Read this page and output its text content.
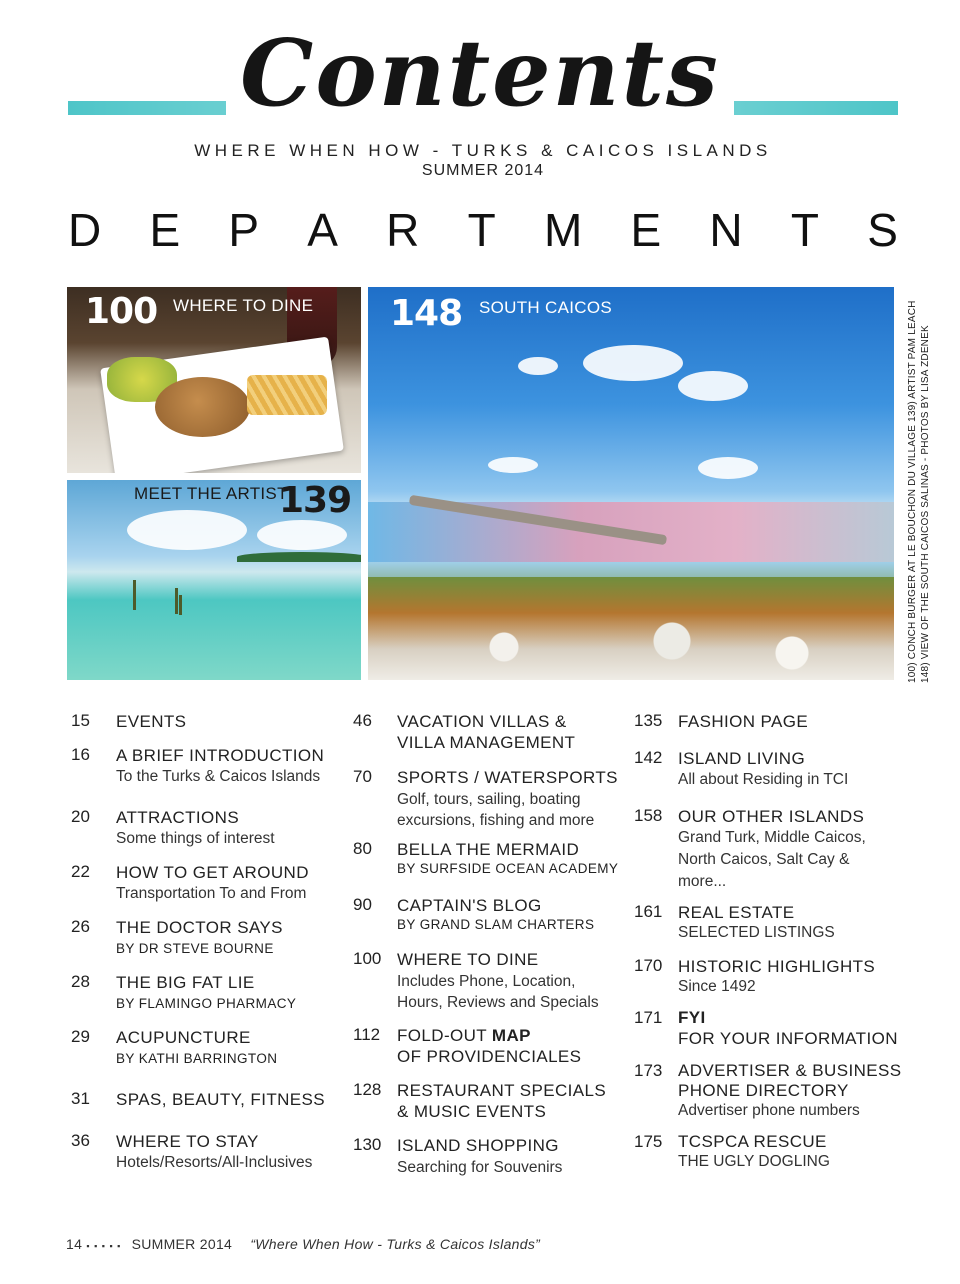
Contents
WHERE WHEN HOW - TURKS & CAICOS ISLANDS
SUMMER 2014
D E P A R T M E N T S
100 WHERE TO DINE
MEET THE ARTIST
139
148 SOUTH CAICOS	100) CONCH BURGER AT LE BOUCHON DU VILLAGE 139) ARTIST PAM LEACH 148) VIEW OF THE SOUTH CAICOS SALINAS - PHOTOS BY LISA ZDENEK
15 EVENTS
16 A BRIEF INTRODUCTION
To the Turks & Caicos Islands
20 ATTRACTIONS
Some things of interest
22 HOW TO GET AROUND
Transportation To and From
26 THE DOCTOR SAYS
BY DR STEVE BOURNE
28 THE BIG FAT LIE
BY FLAMINGO PHARMACY
29 ACUPUNCTURE
BY KATHI BARRINGTON
31 SPAS, BEAUTY, FITNESS
36 WHERE TO STAY
Hotels/Resorts/All-Inclusives
46 VACATION VILLAS &
VILLA MANAGEMENT
70 SPORTS / WATERSPORTS
Golf, tours, sailing, boating
excursions, fishing and more
80 BELLA THE MERMAID
BY SURFSIDE OCEAN ACADEMY
90 CAPTAIN'S BLOG
BY GRAND SLAM CHARTERS
100 WHERE TO DINE
Includes Phone, Location,
Hours, Reviews and Specials
112 FOLD-OUT MAP
OF PROVIDENCIALES
128 RESTAURANT SPECIALS
& MUSIC EVENTS
130 ISLAND SHOPPING
Searching for Souvenirs
135 FASHION PAGE
142 ISLAND LIVING
All about Residing in TCI
158 OUR OTHER ISLANDS
Grand Turk, Middle Caicos,
North Caicos, Salt Cay &
more...
161 REAL ESTATE
SELECTED LISTINGS
170 HISTORIC HIGHLIGHTS
Since 1492
171 FYI
FOR YOUR INFORMATION
173 ADVERTISER & BUSINESS
PHONE DIRECTORY
Advertiser phone numbers
175 TCSPCA RESCUE
THE UGLY DOGLING
14 ▪ ▪ ▪ ▪ ▪ SUMMER 2014 “Where When How - Turks & Caicos Islands”
